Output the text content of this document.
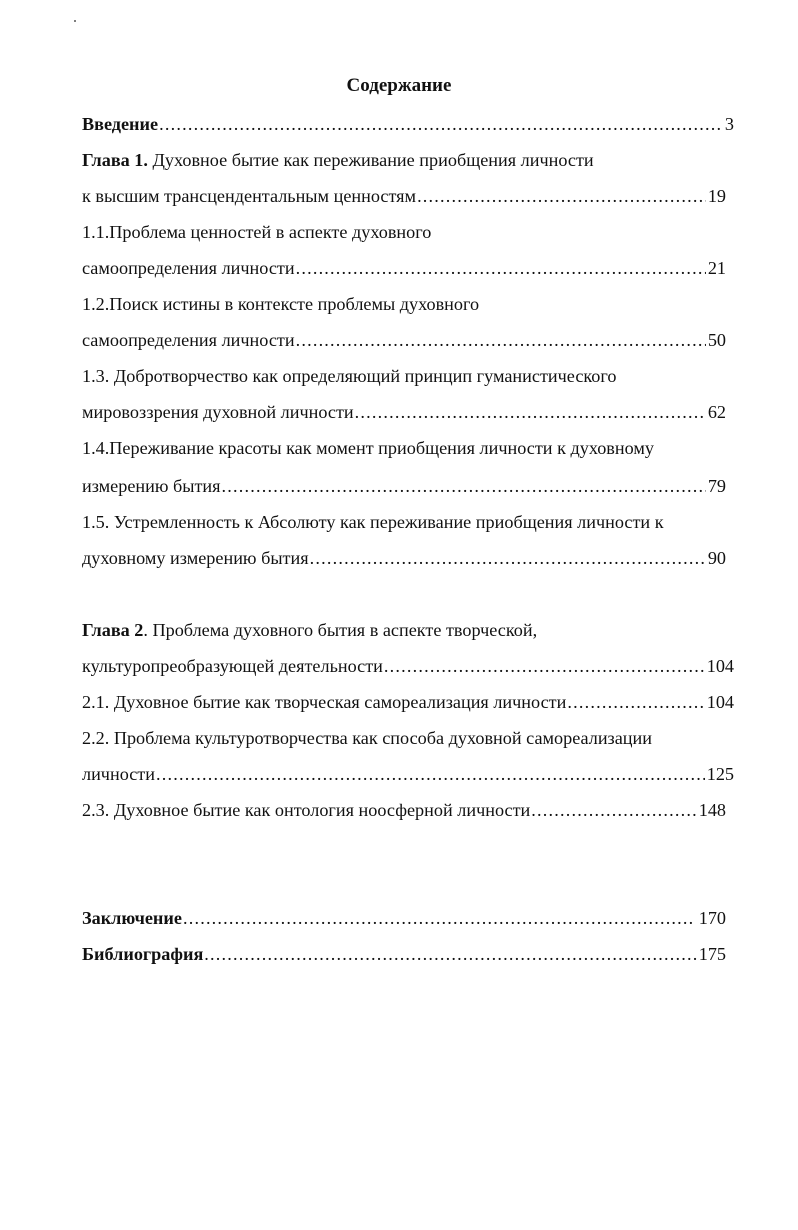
Содержание
Введение .....	3
Глава 1. Духовное бытие как переживание приобщения личности
к высшим трансцендентальным ценностям .....	19
1.1.Проблема ценностей в аспекте духовного
самоопределения личности .....	21
1.2.Поиск истины в контексте проблемы духовного
самоопределения личности .....	50
1.3. Добротворчество как определяющий принцип гуманистического
мировоззрения духовной личности .....	62
1.4.Переживание красоты как момент приобщения личности к духовному
измерению бытия .....	79
1.5. Устремленность к Абсолюту как переживание приобщения личности к
духовному измерению бытия .....	90
Глава 2 . Проблема духовного бытия в аспекте творческой,
культуропреобразующей деятельности .....	104
2.1. Духовное бытие как творческая самореализация личности .....	104
2.2. Проблема культуротворчества как способа духовной самореализации
личности .....	125
2.3. Духовное бытие как онтология ноосферной личности .....	148
Заключение .....	170
Библиография .....	175
